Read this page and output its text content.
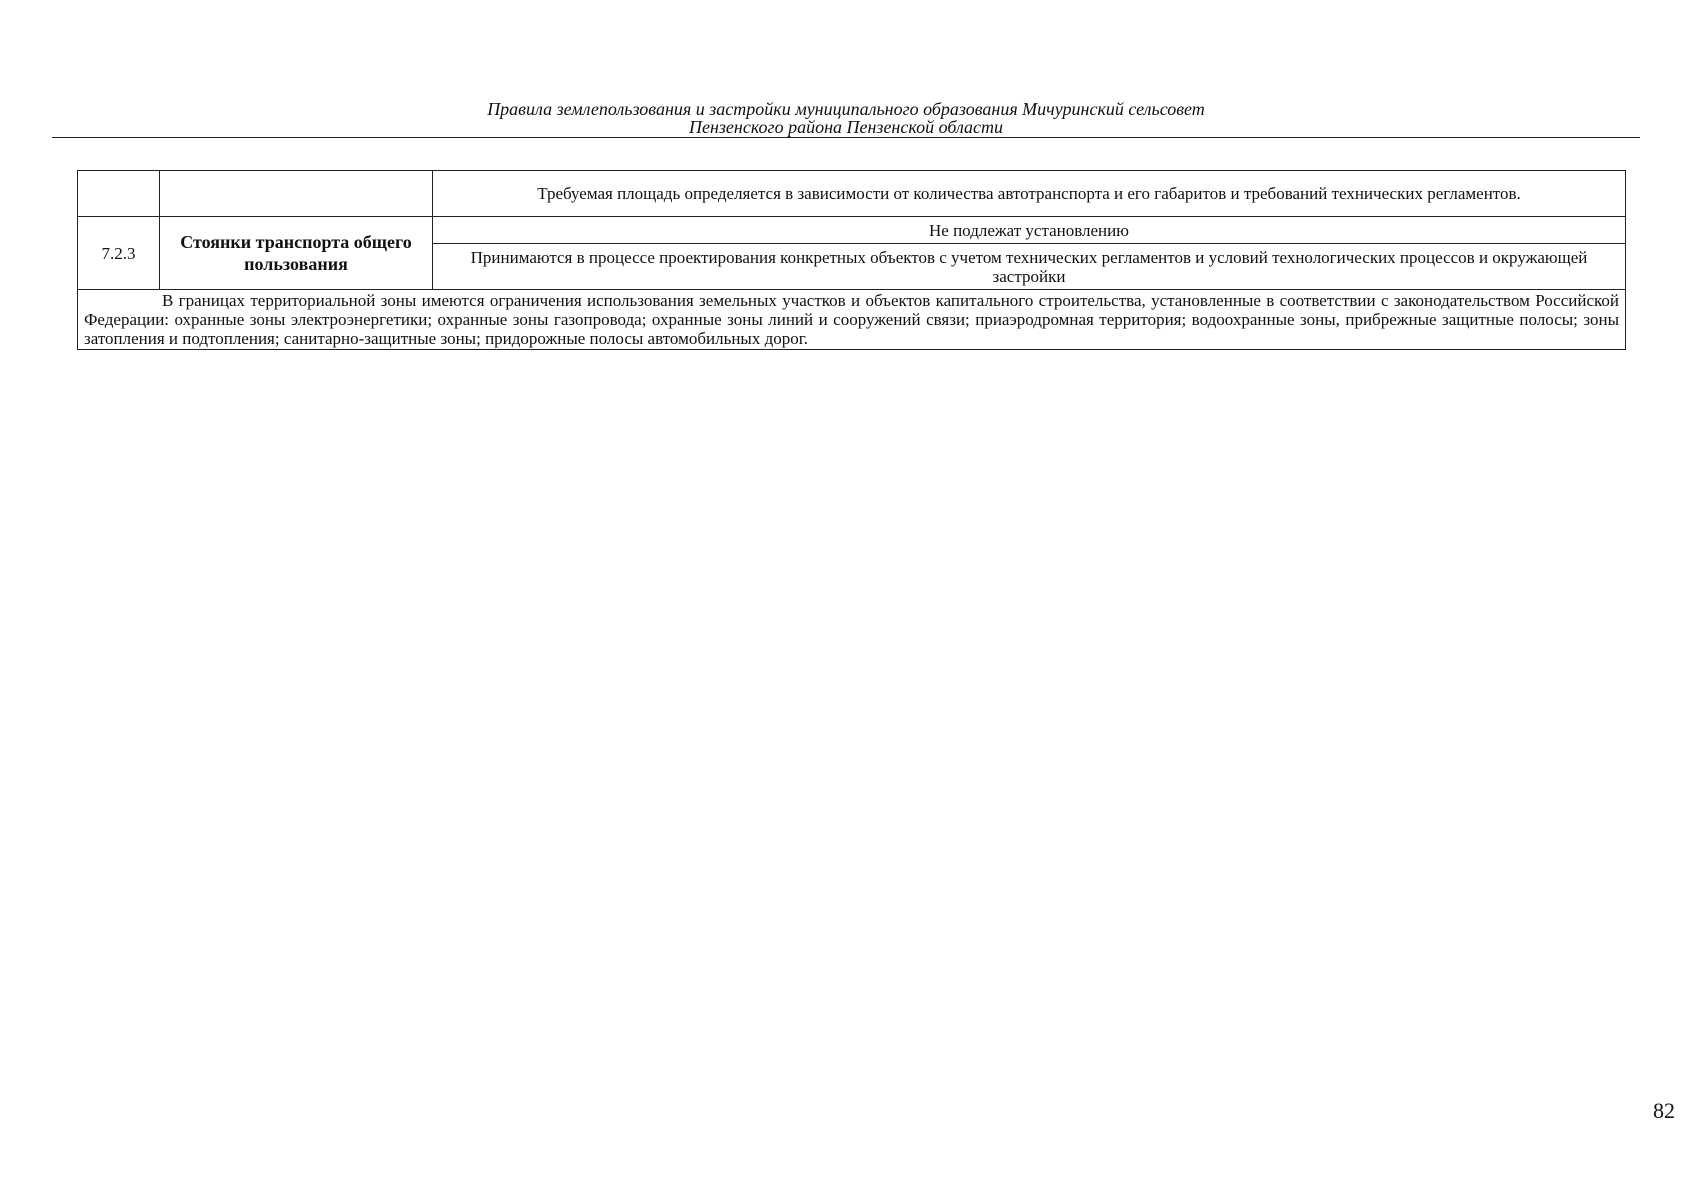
Правила землепользования и застройки муниципального образования Мичуринский сельсовет
Пензенского района Пензенской области
		Требуемая площадь определяется в зависимости от количества автотранспорта и его габаритов и требований технических регламентов.
7.2.3	Стоянки транспорта общего пользования	Не подлежат установлению
		Принимаются в процессе проектирования конкретных объектов с учетом технических регламентов и условий технологических процессов и окружающей застройки
В границах территориальной зоны имеются ограничения использования земельных участков и объектов капитального строительства, установленные в соответствии с законодательством Российской Федерации: охранные зоны электроэнергетики; охранные зоны газопровода; охранные зоны линий и сооружений связи; приаэродромная территория; водоохранные зоны, прибрежные защитные полосы; зоны затопления и подтопления; санитарно-защитные зоны; придорожные полосы автомобильных дорог.		
82
